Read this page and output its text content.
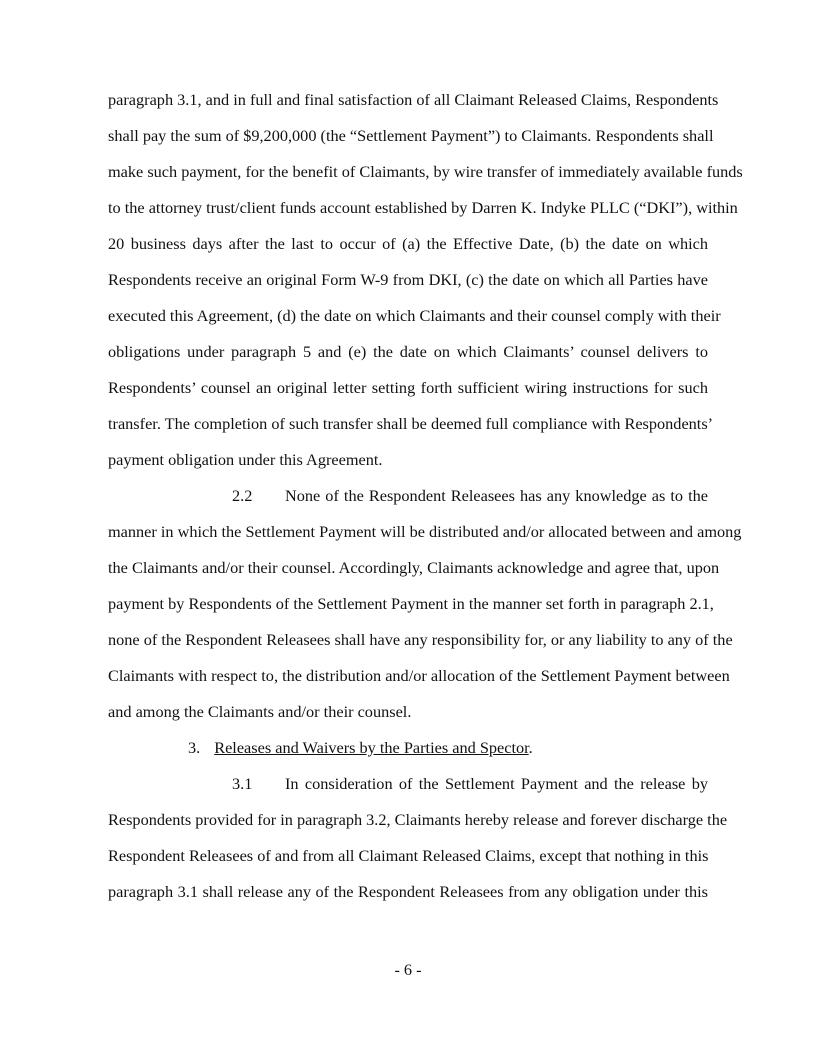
paragraph 3.1, and in full and final satisfaction of all Claimant Released Claims, Respondents
shall pay the sum of $9,200,000 (the “Settlement Payment”) to Claimants. Respondents shall
make such payment, for the benefit of Claimants, by wire transfer of immediately available funds
to the attorney trust/client funds account established by Darren K. Indyke PLLC (“DKI”), within
20 business days after the last to occur of (a) the Effective Date, (b) the date on which
Respondents receive an original Form W-9 from DKI, (c) the date on which all Parties have
executed this Agreement, (d) the date on which Claimants and their counsel comply with their
obligations under paragraph 5 and (e) the date on which Claimants’ counsel delivers to
Respondents’ counsel an original letter setting forth sufficient wiring instructions for such
transfer. The completion of such transfer shall be deemed full compliance with Respondents’
payment obligation under this Agreement.
2.2 None of the Respondent Releasees has any knowledge as to the
manner in which the Settlement Payment will be distributed and/or allocated between and among
the Claimants and/or their counsel. Accordingly, Claimants acknowledge and agree that, upon
payment by Respondents of the Settlement Payment in the manner set forth in paragraph 2.1,
none of the Respondent Releasees shall have any responsibility for, or any liability to any of the
Claimants with respect to, the distribution and/or allocation of the Settlement Payment between
and among the Claimants and/or their counsel.
3. Releases and Waivers by the Parties and Spector.
3.1 In consideration of the Settlement Payment and the release by
Respondents provided for in paragraph 3.2, Claimants hereby release and forever discharge the
Respondent Releasees of and from all Claimant Released Claims, except that nothing in this
paragraph 3.1 shall release any of the Respondent Releasees from any obligation under this
- 6 -
